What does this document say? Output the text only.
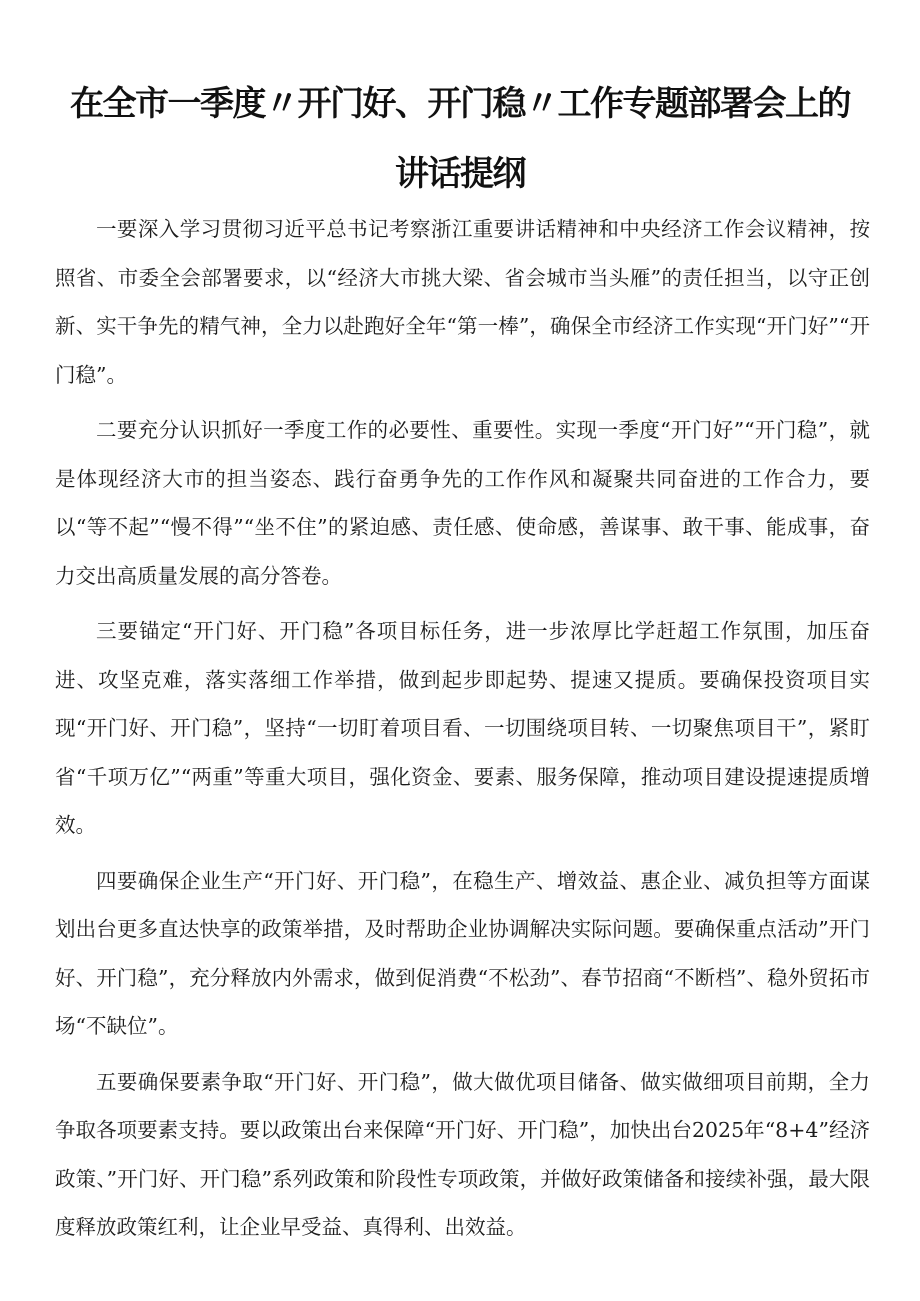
在全市一季度〃开门好、开门稳〃工作专题部署会上的
讲话提纲

一要深入学习贯彻习近平总书记考察浙江重要讲话精神和中央经济工作会议精神，按照省、市委全会部署要求，以“经济大市挑大梁、省会城市当头雁”的责任担当，以守正创新、实干争先的精气神，全力以赴跑好全年“第一棒”，确保全市经济工作实现“开门好”“开门稳”。

二要充分认识抓好一季度工作的必要性、重要性。实现一季度“开门好”“开门稳”，就是体现经济大市的担当姿态、践行奋勇争先的工作作风和凝聚共同奋进的工作合力，要以“等不起”“慢不得”“坐不住”的紧迫感、责任感、使命感，善谋事、敢干事、能成事，奋力交出高质量发展的高分答卷。

三要锚定“开门好、开门稳”各项目标任务，进一步浓厚比学赶超工作氛围，加压奋进、攻坚克难，落实落细工作举措，做到起步即起势、提速又提质。要确保投资项目实现“开门好、开门稳”，坚持“一切盯着项目看、一切围绕项目转、一切聚焦项目干”，紧盯省“千项万亿”“两重”等重大项目，强化资金、要素、服务保障，推动项目建设提速提质增效。

四要确保企业生产“开门好、开门稳”，在稳生产、增效益、惠企业、减负担等方面谋划出台更多直达快享的政策举措，及时帮助企业协调解决实际问题。要确保重点活动”开门好、开门稳”，充分释放内外需求，做到促消费“不松劲”、春节招商“不断档”、稳外贸拓市场“不缺位”。

五要确保要素争取“开门好、开门稳”，做大做优项目储备、做实做细项目前期，全力争取各项要素支持。要以政策出台来保障“开门好、开门稳”，加快出台2025年“8+4”经济政策、”开门好、开门稳”系列政策和阶段性专项政策，并做好政策储备和接续补强，最大限度释放政策红利，让企业早受益、真得利、出效益。
